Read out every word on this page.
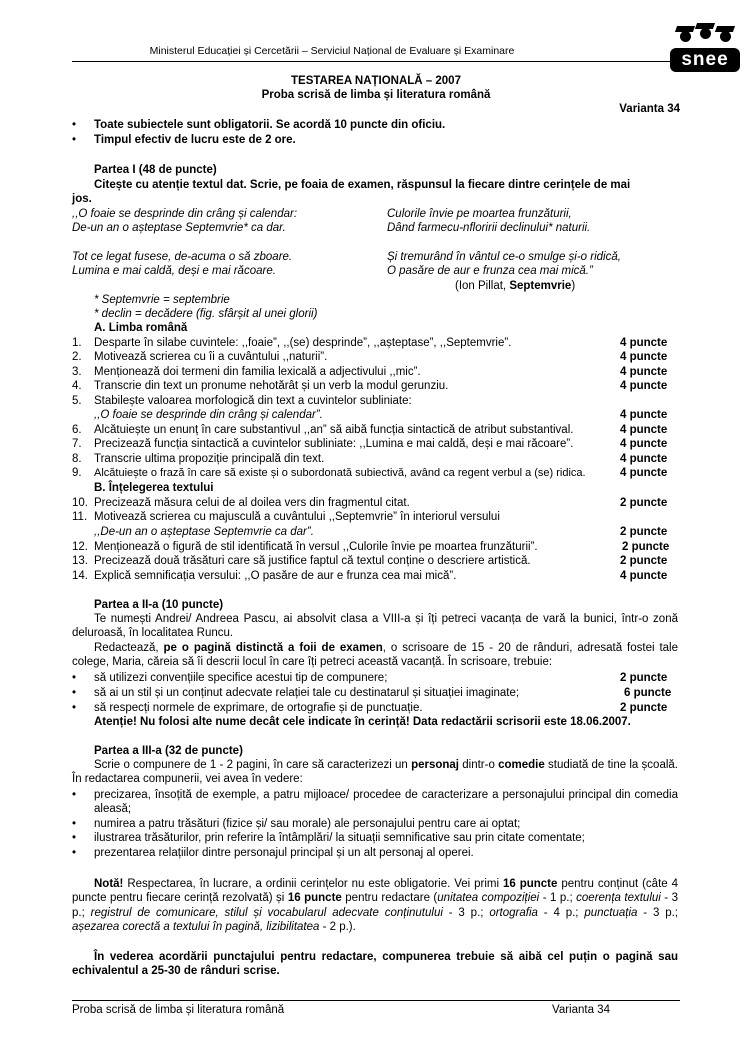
Ministerul Educației și Cercetării – Serviciul Național de Evaluare și Examinare	snee
TESTAREA NAȚIONALĂ – 2007
Proba scrisă de limba și literatura română
Varianta 34
• Toate subiectele sunt obligatorii. Se acordă 10 puncte din oficiu.
• Timpul efectiv de lucru este de 2 ore.
Partea I (48 de puncte)
Citește cu atenție textul dat. Scrie, pe foaia de examen, răspunsul la fiecare dintre cerințele de mai
jos.
,,O foaie se desprinde din crâng și calendar:
De-un an o așteptase Septemvrie* ca dar.
Tot ce legat fusese, de-acuma o să zboare.
Lumina e mai caldă, deși e mai răcoare.
Culorile învie pe moartea frunzăturii,
Dând farmecu-nfloririi declinului* naturii.
Și tremurând în vântul ce-o smulge și-o ridică,
O pasăre de aur e frunza cea mai mică.”
(Ion Pillat, Septemvrie)
* Septemvrie = septembrie
* declin = decădere (fig. sfârșit al unei glorii)
A. Limba română
1. Desparte în silabe cuvintele: ,,foaie”, ,,(se) desprinde”, ,,așteptase”, ,,Septemvrie”.	4 puncte
2. Motivează scrierea cu îi a cuvântului ,,naturii”.	4 puncte
3. Menționează doi termeni din familia lexicală a adjectivului ,,mic”.	4 puncte
4. Transcrie din text un pronume nehotărât și un verb la modul gerunziu.	4 puncte
5. Stabilește valoarea morfologică din text a cuvintelor subliniate:
,,O foaie se desprinde din crâng și calendar”.	4 puncte
6. Alcătuiește un enunț în care substantivul ,,an” să aibă funcția sintactică de atribut substantival.	4 puncte
7. Precizează funcția sintactică a cuvintelor subliniate: ,,Lumina e mai caldă, deși e mai răcoare”.	4 puncte
8. Transcrie ultima propoziție principală din text.	4 puncte
9. Alcătuiește o frază în care să existe și o subordonată subiectivă, având ca regent verbul a (se) ridica.	4 puncte
B. Înțelegerea textului
10. Precizează măsura celui de al doilea vers din fragmentul citat.	2 puncte
11. Motivează scrierea cu majusculă a cuvântului ,,Septemvrie” în interiorul versului
,,De-un an o așteptase Septemvrie ca dar”.	2 puncte
12. Menționează o figură de stil identificată în versul ,,Culorile învie pe moartea frunzăturii”.	2 puncte
13. Precizează două trăsături care să justifice faptul că textul conține o descriere artistică.	2 puncte
14. Explică semnificația versului: ,,O pasăre de aur e frunza cea mai mică”.	4 puncte
Partea a II-a (10 puncte)
Te numești Andrei/ Andreea Pascu, ai absolvit clasa a VIII-a și îți petreci vacanța de vară la bunici, într-o zonă deluroasă, în localitatea Runcu.
Redactează, pe o pagină distinctă a foii de examen, o scrisoare de 15 - 20 de rânduri, adresată fostei tale colege, Maria, căreia să îi descrii locul în care îți petreci această vacanță. În scrisoare, trebuie:
• să utilizezi convențiile specifice acestui tip de compunere;	2 puncte
• să ai un stil și un conținut adecvate relației tale cu destinatarul și situației imaginate;	6 puncte
• să respecți normele de exprimare, de ortografie și de punctuație.	2 puncte
Atenție! Nu folosi alte nume decât cele indicate în cerință! Data redactării scrisorii este 18.06.2007.
Partea a III-a (32 de puncte)
Scrie o compunere de 1 - 2 pagini, în care să caracterizezi un personaj dintr-o comedie studiată de tine la școală. În redactarea compunerii, vei avea în vedere:
• precizarea, însoțită de exemple, a patru mijloace/ procedee de caracterizare a personajului principal din comedia aleasă;
• numirea a patru trăsături (fizice și/ sau morale) ale personajului pentru care ai optat;
• ilustrarea trăsăturilor, prin referire la întâmplări/ la situații semnificative sau prin citate comentate;
• prezentarea relațiilor dintre personajul principal și un alt personaj al operei.
Notă! Respectarea, în lucrare, a ordinii cerințelor nu este obligatorie. Vei primi 16 puncte pentru conținut (câte 4 puncte pentru fiecare cerință rezolvată) și 16 puncte pentru redactare (unitatea compoziției - 1 p.; coerența textului - 3 p.; registrul de comunicare, stilul și vocabularul adecvate conținutului - 3 p.; ortografia - 4 p.; punctuația - 3 p.; așezarea corectă a textului în pagină, lizibilitatea - 2 p.).
În vederea acordării punctajului pentru redactare, compunerea trebuie să aibă cel puțin o pagină sau echivalentul a 25-30 de rânduri scrise.
Proba scrisă de limba și literatura română	Varianta 34
